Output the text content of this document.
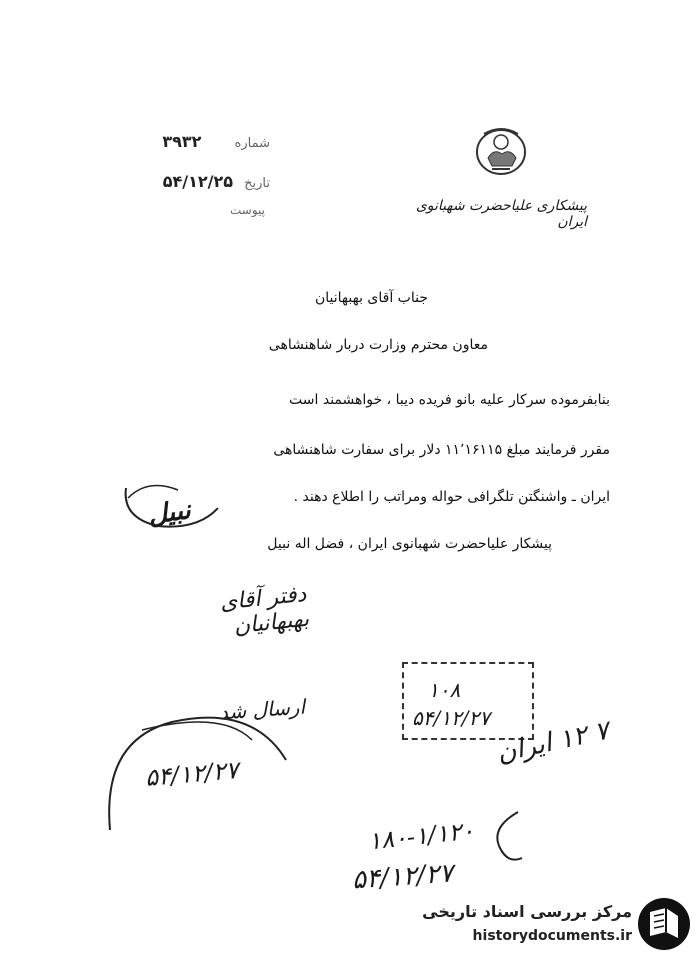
پیشکاری علیاحضرت شهبانوی ایران
شماره ۳۹۳۲
تاریخ ۵۴/۱۲/۲۵
پیوست
جناب آقای بهبهانیان
معاون محترم وزارت دربار شاهنشاهی
بنابفرموده سرکار علیه بانو فریده دیبا ، خواهشمند است
مقرر فرمایند مبلغ ۱۱٬۱۶۱۱۵ دلار برای سفارت شاهنشاهی
ایران ـ واشنگتن تلگرافی حواله ومراتب را اطلاع دهند .
پیشکار علیاحضرت شهبانوی ایران ، فضل اله نبیل
نبیل
دفتر آقای بهبهانیان
ارسال شد
۵۴/۱۲/۲۷
۱۰۸
۵۴/۱۲/۲۷
۷ ۱۲ ایران
۱۸۰-۱/۱۲۰
۵۴/۱۲/۲۷
مرکز بررسی اسناد تاریخی
historydocuments.ir
